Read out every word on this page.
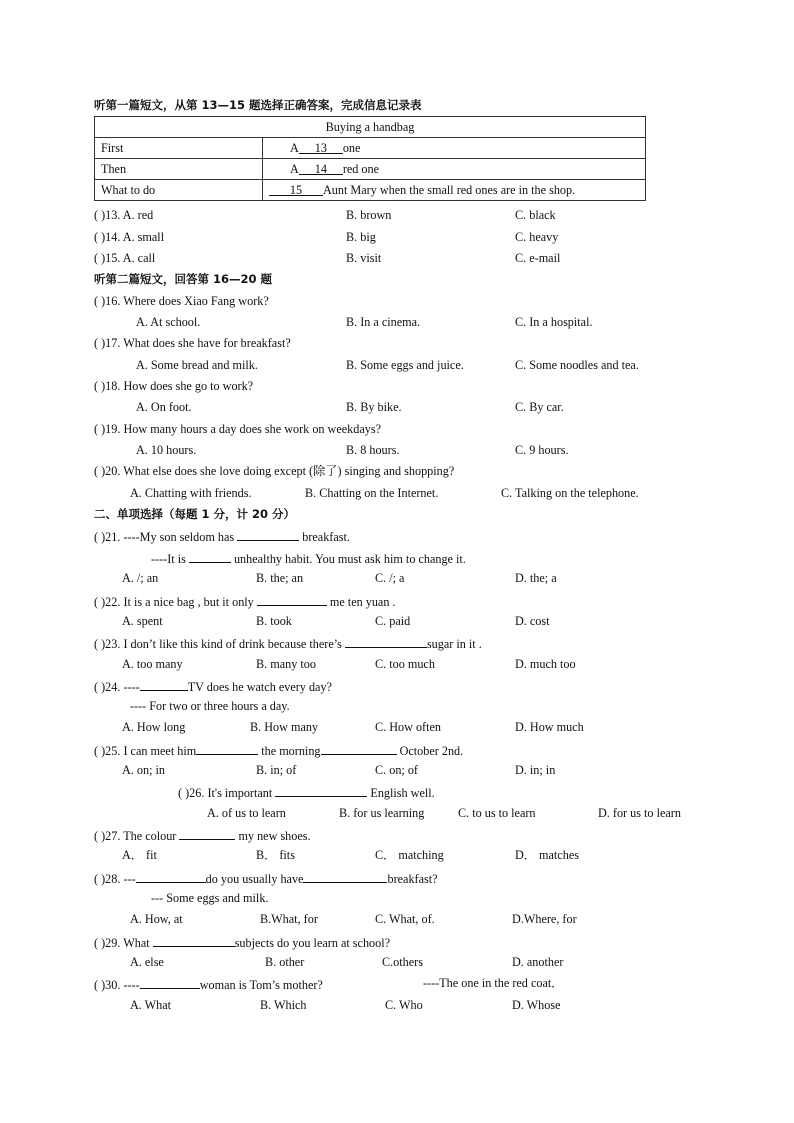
听第一篇短文，从第 13—15 题选择正确答案，完成信息记录表
Buying a handbag	
First	A 13 one
Then	A 14 red one
What to do	15 Aunt Mary when the small red ones are in the shop.
( )13. A. red	B. brown	C. black
( )14. A. small	B. big	C. heavy
( )15. A. call	B. visit	C. e-mail
听第二篇短文，回答第 16—20 题
( )16. Where does Xiao Fang work?
A. At school.	B. In a cinema.	C. In a hospital.
( )17. What does she have for breakfast?
A. Some bread and milk.	B. Some eggs and juice.	C. Some noodles and tea.
( )18. How does she go to work?
A. On foot.	B. By bike.	C. By car.
( )19. How many hours a day does she work on weekdays?
A. 10 hours.	B. 8 hours.	C. 9 hours.
( )20. What else does she love doing except (除了) singing and shopping?
A. Chatting with friends.	B. Chatting on the Internet.	C. Talking on the telephone.
二、单项选择（每题 1 分，计 20 分）
( )21. ----My son seldom has	breakfast.
----It is	unhealthy habit. You must ask him to change it.
A. /; an	B. the; an	C. /; a	D. the; a
( )22. It is a nice bag , but it only	me ten yuan .
A. spent	B. took	C. paid	D. cost
( )23. I don’t like this kind of drink because there’s	sugar in it .
A. too many	B. many too	C. too much	D. much too
( )24. ----	TV does he watch every day?
---- For two or three hours a day.
A. How long	B. How many	C. How often	D. How much
( )25. I can meet him	the morning	October 2nd.
A. on; in	B. in; of	C. on; of	D. in; in
( )26. It's important	English well.
A. of us to learn	B. for us learning	C. to us to learn	D. for us to learn
( )27. The colour	my new shoes.
A． fit	B． fits	C． matching	D． matches
( )28. ---	do you usually have	breakfast?
--- Some eggs and milk.
A. How, at	B.What, for	C. What, of.	D.Where, for
( )29. What	subjects do you learn at school?
A. else	B. other	C.others	D. another
( )30. ----	woman is Tom’s mother?	----The one in the red coat．
A. What	B. Which	C. Who	D. Whose
